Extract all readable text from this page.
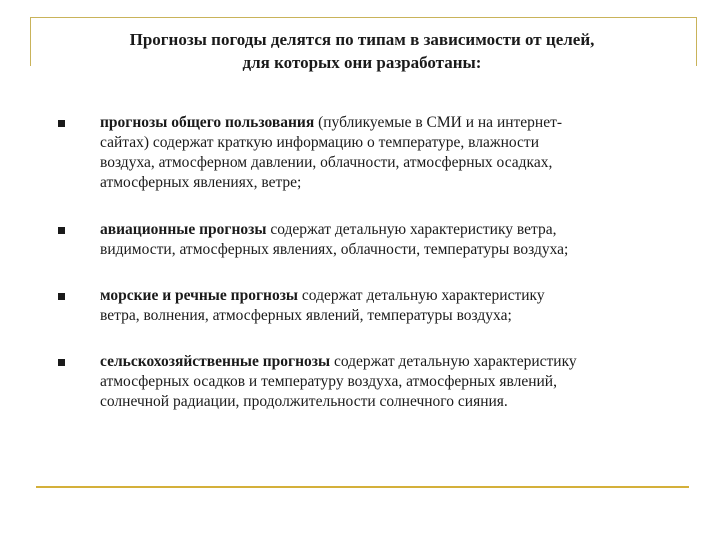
Прогнозы погоды делятся по типам в зависимости от целей,
для которых они разработаны:
прогнозы общего пользования (публикуемые в СМИ и на интернет-
сайтах) содержат краткую информацию о температуре, влажности
воздуха, атмосферном давлении, облачности, атмосферных осадках,
атмосферных явлениях, ветре;
авиационные прогнозы содержат детальную характеристику ветра,
видимости, атмосферных явлениях, облачности, температуры воздуха;
морские и речные прогнозы содержат детальную характеристику
ветра, волнения, атмосферных явлений, температуры воздуха;
сельскохозяйственные прогнозы содержат детальную характеристику
атмосферных осадков и температуру воздуха, атмосферных явлений,
солнечной радиации, продолжительности солнечного сияния.
